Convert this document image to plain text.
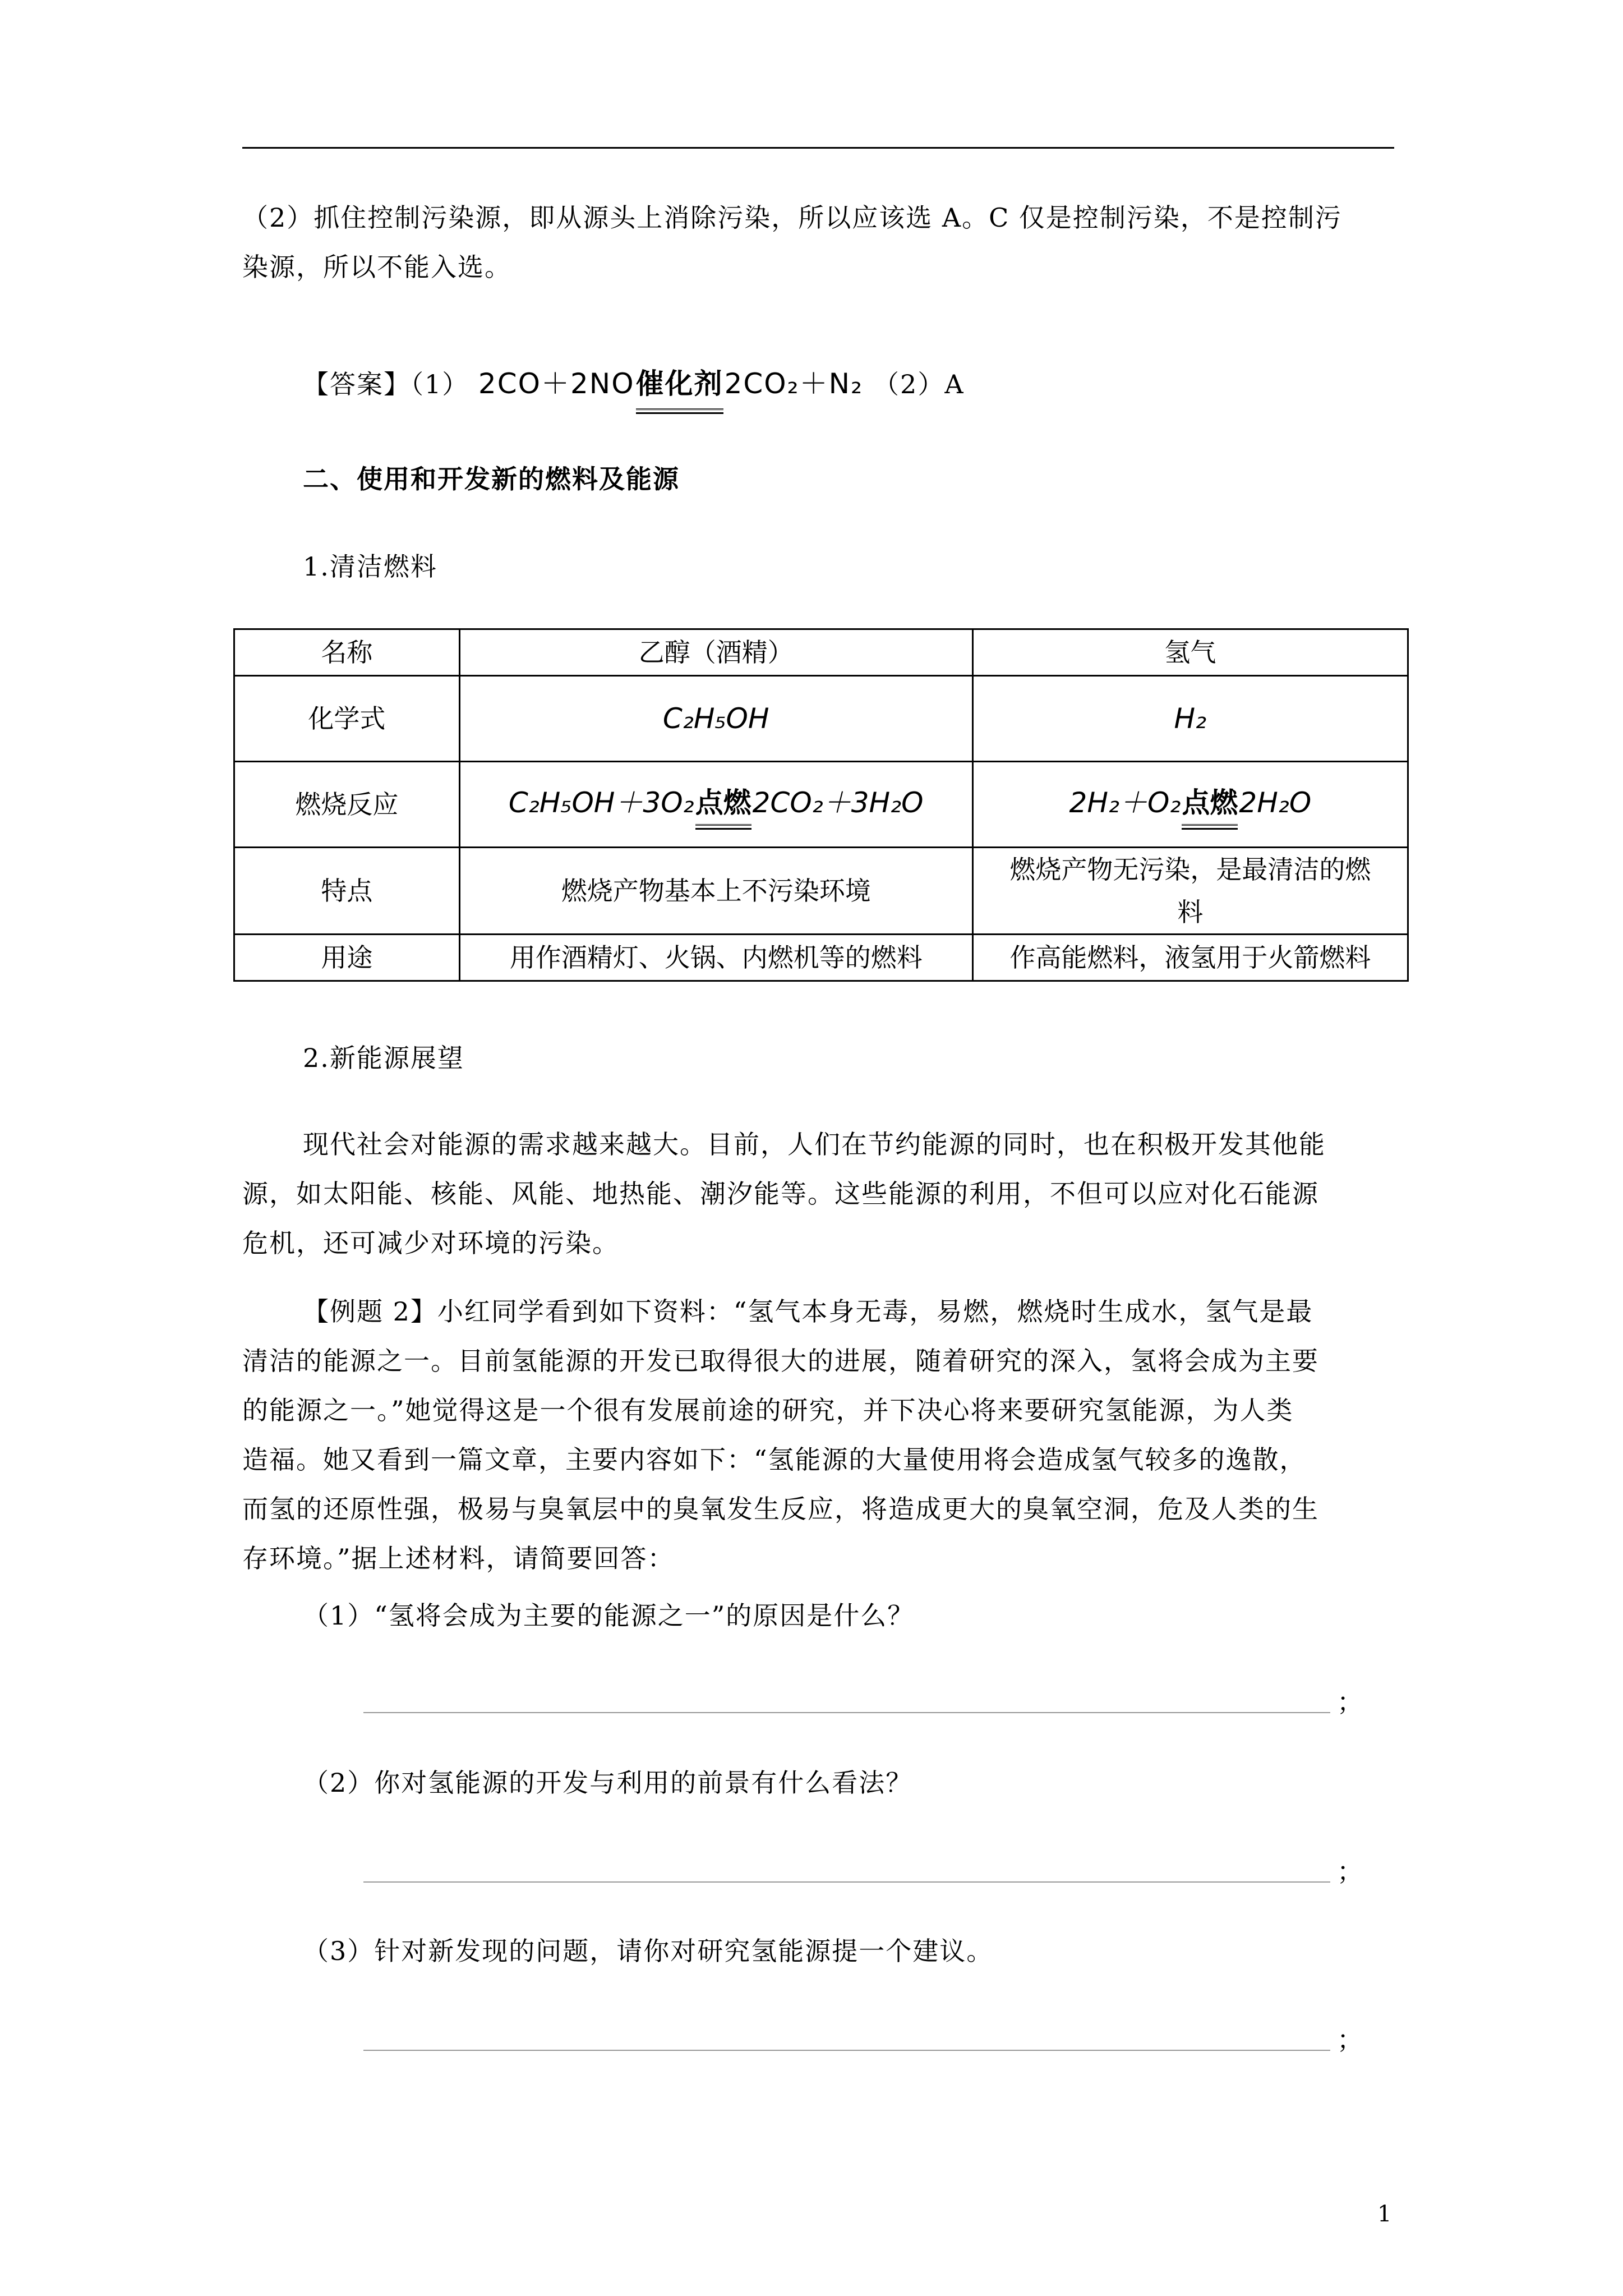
（2）抓住控制污染源，即从源头上消除污染，所以应该选 A。C 仅是控制污染，不是控制污
染源，所以不能入选。
【答案】（1） 2CO＋2NO催化剂2CO₂＋N₂ （2）A
二、使用和开发新的燃料及能源
1.清洁燃料
名称	乙醇（酒精）	氢气
化学式	C₂H₅OH	H₂
燃烧反应	C₂H₅OH＋3O₂点燃2CO₂＋3H₂O	2H₂＋O₂点燃2H₂O
特点	燃烧产物基本上不污染环境	燃烧产物无污染，是最清洁的燃
料

用途	用作酒精灯、火锅、内燃机等的燃料	作高能燃料，液氢用于火箭燃料
2.新能源展望
现代社会对能源的需求越来越大。目前，人们在节约能源的同时，也在积极开发其他能
源，如太阳能、核能、风能、地热能、潮汐能等。这些能源的利用，不但可以应对化石能源
危机，还可减少对环境的污染。
【例题 2】小红同学看到如下资料：“氢气本身无毒，易燃，燃烧时生成水，氢气是最
清洁的能源之一。目前氢能源的开发已取得很大的进展，随着研究的深入，氢将会成为主要
的能源之一。”她觉得这是一个很有发展前途的研究，并下决心将来要研究氢能源，为人类
造福。她又看到一篇文章，主要内容如下：“氢能源的大量使用将会造成氢气较多的逸散，
而氢的还原性强，极易与臭氧层中的臭氧发生反应，将造成更大的臭氧空洞，危及人类的生
存环境。”据上述材料，请简要回答：
（1）“氢将会成为主要的能源之一”的原因是什么？
；
（2）你对氢能源的开发与利用的前景有什么看法？
；
（3）针对新发现的问题，请你对研究氢能源提一个建议。
；
1
